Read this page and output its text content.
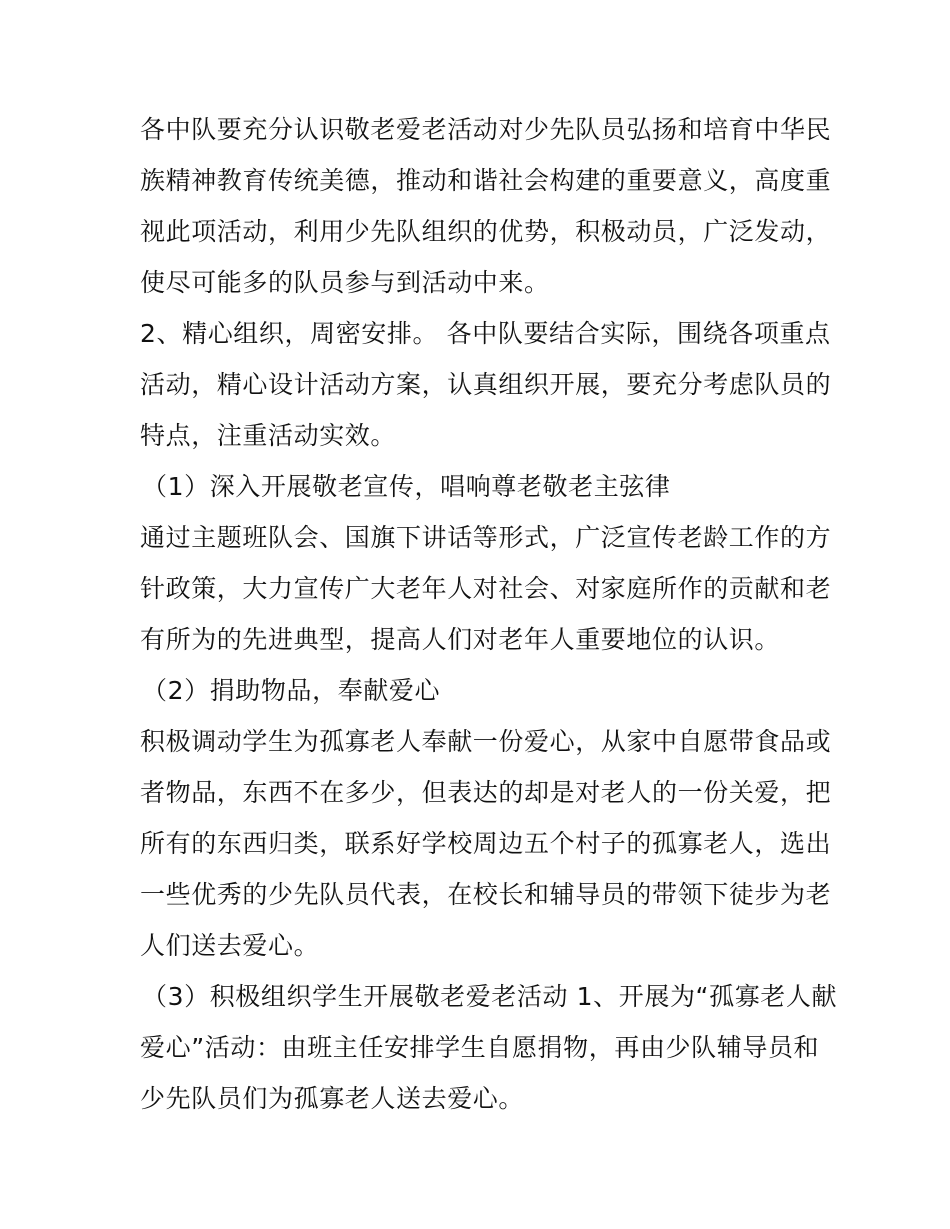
各中队要充分认识敬老爱老活动对少先队员弘扬和培育中华民
族精神教育传统美德，推动和谐社会构建的重要意义，高度重
视此项活动，利用少先队组织的优势，积极动员，广泛发动，
使尽可能多的队员参与到活动中来。
2、精心组织，周密安排。 各中队要结合实际，围绕各项重点
活动，精心设计活动方案，认真组织开展，要充分考虑队员的
特点，注重活动实效。
（1）深入开展敬老宣传，唱响尊老敬老主弦律
通过主题班队会、国旗下讲话等形式，广泛宣传老龄工作的方
针政策，大力宣传广大老年人对社会、对家庭所作的贡献和老
有所为的先进典型，提高人们对老年人重要地位的认识。
（2）捐助物品，奉献爱心
积极调动学生为孤寡老人奉献一份爱心，从家中自愿带食品或
者物品，东西不在多少，但表达的却是对老人的一份关爱，把
所有的东西归类，联系好学校周边五个村子的孤寡老人，选出
一些优秀的少先队员代表，在校长和辅导员的带领下徒步为老
人们送去爱心。
（3）积极组织学生开展敬老爱老活动 1、开展为“孤寡老人献
爱心”活动：由班主任安排学生自愿捐物，再由少队辅导员和
少先队员们为孤寡老人送去爱心。
